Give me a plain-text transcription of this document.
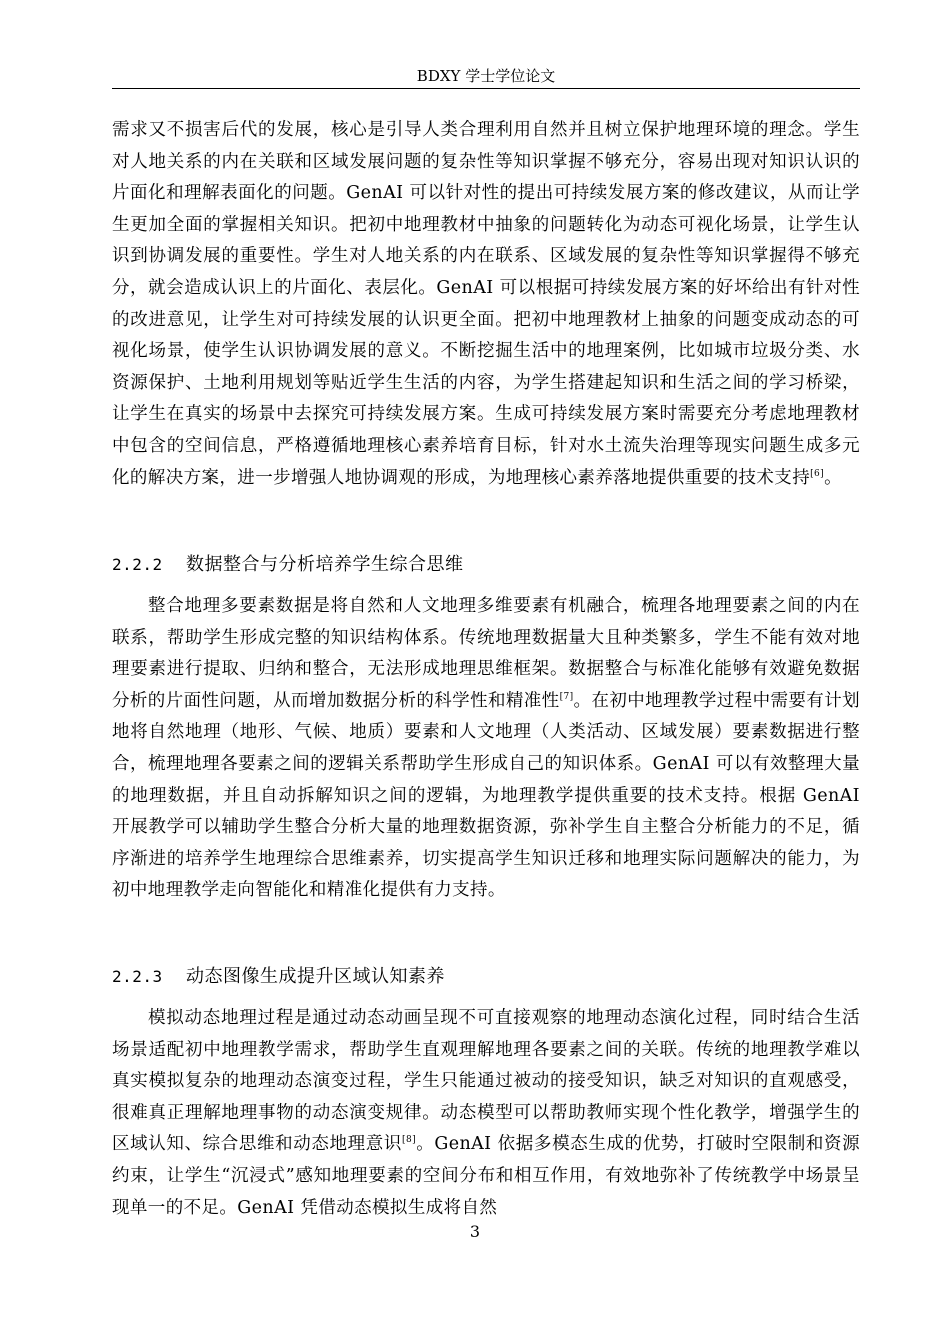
BDXY 学士学位论文

需求又不损害后代的发展，核心是引导人类合理利用自然并且树立保护地理环境的理念。学生对人地关系的内在关联和区域发展问题的复杂性等知识掌握不够充分，容易出现对知识认识的片面化和理解表面化的问题。GenAI 可以针对性的提出可持续发展方案的修改建议，从而让学生更加全面的掌握相关知识。把初中地理教材中抽象的问题转化为动态可视化场景，让学生认识到协调发展的重要性。学生对人地关系的内在联系、区域发展的复杂性等知识掌握得不够充分，就会造成认识上的片面化、表层化。GenAI 可以根据可持续发展方案的好坏给出有针对性的改进意见，让学生对可持续发展的认识更全面。把初中地理教材上抽象的问题变成动态的可视化场景，使学生认识协调发展的意义。不断挖掘生活中的地理案例，比如城市垃圾分类、水资源保护、土地利用规划等贴近学生生活的内容，为学生搭建起知识和生活之间的学习桥梁，让学生在真实的场景中去探究可持续发展方案。生成可持续发展方案时需要充分考虑地理教材中包含的空间信息，严格遵循地理核心素养培育目标，针对水土流失治理等现实问题生成多元化的解决方案，进一步增强人地协调观的形成，为地理核心素养落地提供重要的技术支持[6]。

2.2.2 数据整合与分析培养学生综合思维

整合地理多要素数据是将自然和人文地理多维要素有机融合，梳理各地理要素之间的内在联系，帮助学生形成完整的知识结构体系。传统地理数据量大且种类繁多，学生不能有效对地理要素进行提取、归纳和整合，无法形成地理思维框架。数据整合与标准化能够有效避免数据分析的片面性问题，从而增加数据分析的科学性和精准性[7]。在初中地理教学过程中需要有计划地将自然地理（地形、气候、地质）要素和人文地理（人类活动、区域发展）要素数据进行整合，梳理地理各要素之间的逻辑关系帮助学生形成自己的知识体系。GenAI 可以有效整理大量的地理数据，并且自动拆解知识之间的逻辑，为地理教学提供重要的技术支持。根据 GenAI 开展教学可以辅助学生整合分析大量的地理数据资源，弥补学生自主整合分析能力的不足，循序渐进的培养学生地理综合思维素养，切实提高学生知识迁移和地理实际问题解决的能力，为初中地理教学走向智能化和精准化提供有力支持。

2.2.3 动态图像生成提升区域认知素养

模拟动态地理过程是通过动态动画呈现不可直接观察的地理动态演化过程，同时结合生活场景适配初中地理教学需求，帮助学生直观理解地理各要素之间的关联。传统的地理教学难以真实模拟复杂的地理动态演变过程，学生只能通过被动的接受知识，缺乏对知识的直观感受，很难真正理解地理事物的动态演变规律。动态模型可以帮助教师实现个性化教学，增强学生的区域认知、综合思维和动态地理意识[8]。GenAI 依据多模态生成的优势，打破时空限制和资源约束，让学生“沉浸式”感知地理要素的空间分布和相互作用，有效地弥补了传统教学中场景呈现单一的不足。GenAI 凭借动态模拟生成将自然

3
